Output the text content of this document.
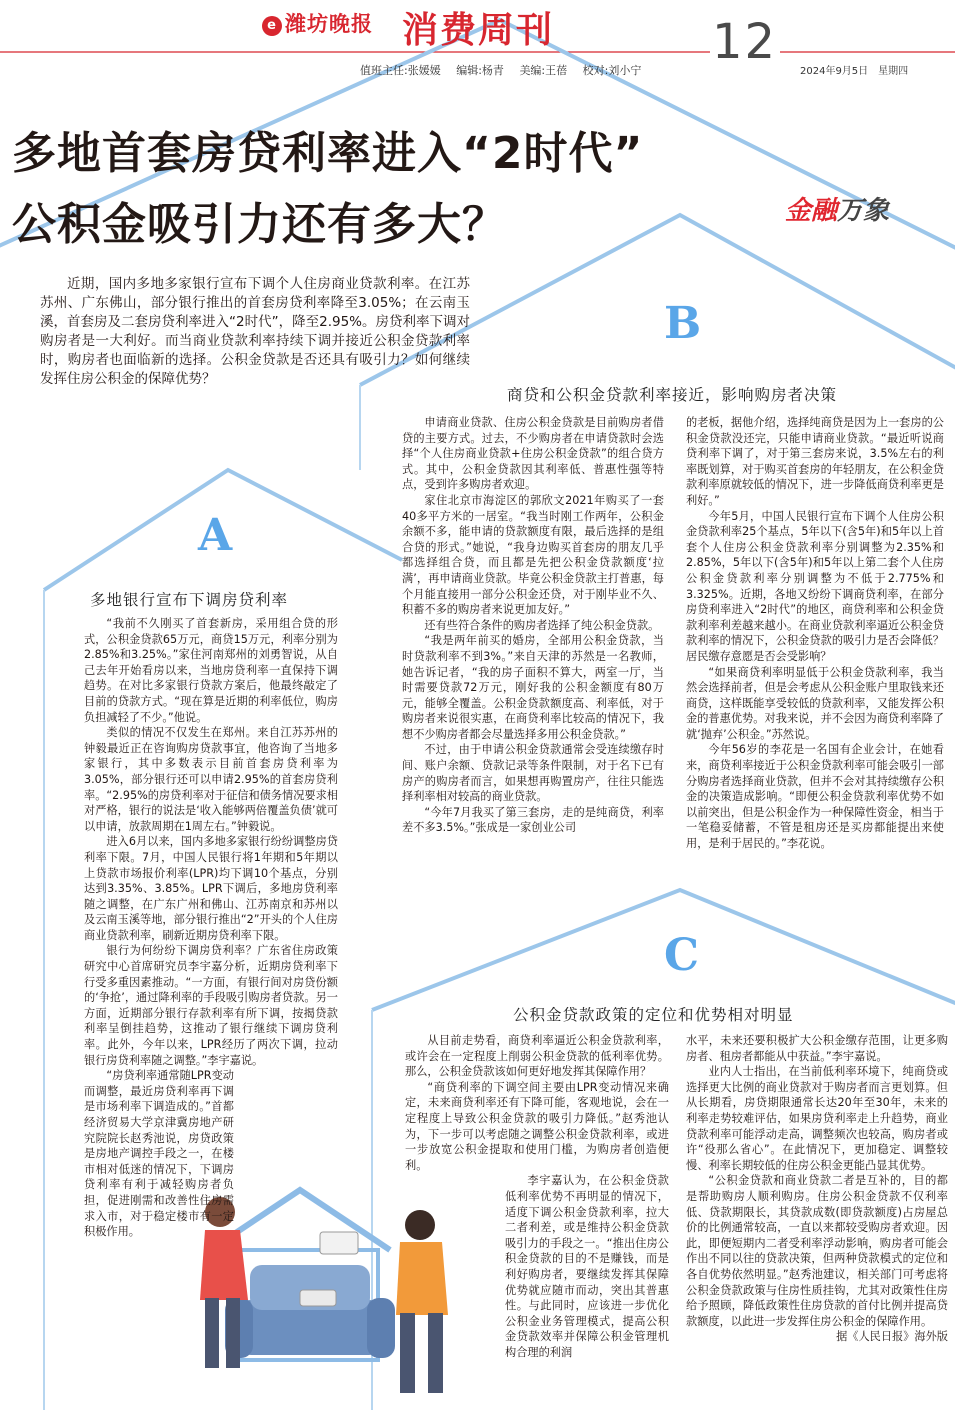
e 潍坊晚报 消费周刊	12
值班主任:张媛媛 编辑:杨青 美编:王蓓 校对:刘小宁	2024年9月5日　星期四
多地首套房贷利率进入“2时代”
公积金吸引力还有多大？	金融万象
近期，国内多地多家银行宣布下调个人住房商业贷款利率。在江苏苏州、广东佛山，部分银行推出的首套房贷利率降至3.05%；在云南玉溪，首套房及二套房贷利率进入“2时代”，降至2.95%。房贷利率下调对购房者是一大利好。而当商业贷款利率持续下调并接近公积金贷款利率时，购房者也面临新的选择。公积金贷款是否还具有吸引力？如何继续发挥住房公积金的保障优势？
B
商贷和公积金贷款利率接近，影响购房者决策
A
多地银行宣布下调房贷利率
C
公积金贷款政策的定位和优势相对明显

“我前不久刚买了首套新房，采用组合贷的形式，公积金贷款65万元，商贷15万元，利率分别为2.85%和3.25%。”家住河南郑州的刘勇智说，从自己去年开始看房以来，当地房贷利率一直保持下调趋势。在对比多家银行贷款方案后，他最终敲定了目前的贷款方式。“现在算是近期的利率低位，购房负担减轻了不少。”他说。

类似的情况不仅发生在郑州。来自江苏苏州的钟毅最近正在咨询购房贷款事宜，他咨询了当地多家银行，其中多数表示目前首套房贷利率为3.05%，部分银行还可以申请2.95%的首套房贷利率。“2.95%的房贷利率对于征信和债务情况要求相对严格，银行的说法是‘收入能够两倍覆盖负债’就可以申请，放款周期在1周左右。”钟毅说。

进入6月以来，国内多地多家银行纷纷调整房贷利率下限。7月，中国人民银行将1年期和5年期以上贷款市场报价利率(LPR)均下调10个基点，分别达到3.35%、3.85%。LPR下调后，多地房贷利率随之调整，在广东广州和佛山、江苏南京和苏州以及云南玉溪等地，部分银行推出“2”开头的个人住房商业贷款利率，刷新近期房贷利率下限。

银行为何纷纷下调房贷利率？广东省住房政策研究中心首席研究员李宇嘉分析，近期房贷利率下行受多重因素推动。“一方面，有银行间对房贷份额的‘争抢’，通过降利率的手段吸引购房者贷款。另一方面，近期部分银行存款利率有所下调，按揭贷款利率呈倒挂趋势，这推动了银行继续下调房贷利率。此外，今年以来，LPR经历了两次下调，拉动银行房贷利率随之调整。”李宇嘉说。

“房贷利率通常随LPR变动而调整，最近房贷利率再下调是市场利率下调造成的。”首都经济贸易大学京津冀房地产研究院院长赵秀池说，房贷政策是房地产调控手段之一，在楼市相对低迷的情况下，下调房贷利率有利于减轻购房者负担，促进刚需和改善性住房需求入市，对于稳定楼市有一定积极作用。

申请商业贷款、住房公积金贷款是目前购房者借贷的主要方式。过去，不少购房者在申请贷款时会选择“个人住房商业贷款+住房公积金贷款”的组合贷方式。其中，公积金贷款因其利率低、普惠性强等特点，受到许多购房者欢迎。

家住北京市海淀区的郭欣文2021年购买了一套40多平方米的一居室。“我当时刚工作两年，公积金余额不多，能申请的贷款额度有限，最后选择的是组合贷的形式。”她说，“我身边购买首套房的朋友几乎都选择组合贷，而且都是先把公积金贷款额度‘拉满’，再申请商业贷款。毕竟公积金贷款主打普惠，每个月能直接用一部分公积金还贷，对于刚毕业不久、积蓄不多的购房者来说更加友好。”

还有些符合条件的购房者选择了纯公积金贷款。

“我是两年前买的婚房，全部用公积金贷款，当时贷款利率不到3%。”来自天津的苏然是一名教师，她告诉记者，“我的房子面积不算大，两室一厅，当时需要贷款72万元，刚好我的公积金额度有80万元，能够全覆盖。公积金贷款额度高、利率低，对于购房者来说很实惠，在商贷利率比较高的情况下，我想不少购房者都会尽量选择多用公积金贷款。”

不过，由于申请公积金贷款通常会受连续缴存时间、账户余额、贷款记录等条件限制，对于名下已有房产的购房者而言，如果想再购置房产，往往只能选择利率相对较高的商业贷款。

“今年7月我买了第三套房，走的是纯商贷，利率差不多3.5%。”张成是一家创业公司

的老板，据他介绍，选择纯商贷是因为上一套房的公积金贷款没还完，只能申请商业贷款。“最近听说商贷利率下调了，对于第三套房来说，3.5%左右的利率既划算，对于购买首套房的年轻朋友，在公积金贷款利率原就较低的情况下，进一步降低商贷利率更是利好。”

今年5月，中国人民银行宣布下调个人住房公积金贷款利率25个基点，5年以下(含5年)和5年以上首套个人住房公积金贷款利率分别调整为2.35%和2.85%，5年以下(含5年)和5年以上第二套个人住房公积金贷款利率分别调整为不低于2.775%和3.325%。近期，各地又纷纷下调商贷利率，在部分房贷利率进入“2时代”的地区，商贷利率和公积金贷款利率利差越来越小。在商业贷款利率逼近公积金贷款利率的情况下，公积金贷款的吸引力是否会降低？居民缴存意愿是否会受影响？

“如果商贷利率明显低于公积金贷款利率，我当然会选择前者，但是会考虑从公积金账户里取钱来还商贷，这样既能享受较低的贷款利率，又能发挥公积金的普惠优势。对我来说，并不会因为商贷利率降了就‘抛弃’公积金。”苏然说。

今年56岁的李花是一名国有企业会计，在她看来，商贷利率接近于公积金贷款利率可能会吸引一部分购房者选择商业贷款，但并不会对其持续缴存公积金的决策造成影响。“即便公积金贷款利率优势不如以前突出，但是公积金作为一种保障性资金，相当于一笔稳妥储蓄，不管是租房还是买房都能提出来使用，是利于居民的。”李花说。

从目前走势看，商贷利率逼近公积金贷款利率，或许会在一定程度上削弱公积金贷款的低利率优势。那么，公积金贷款该如何更好地发挥其保障作用？

“商贷利率的下调空间主要由LPR变动情况来确定，未来商贷利率还有下降可能，客观地说，会在一定程度上导致公积金贷款的吸引力降低。”赵秀池认为，下一步可以考虑随之调整公积金贷款利率，或进一步放宽公积金提取和使用门槛，为购房者创造便利。

李宇嘉认为，在公积金贷款低利率优势不再明显的情况下，适度下调公积金贷款利率，拉大二者利差，或是维持公积金贷款吸引力的手段之一。“推出住房公积金贷款的目的不是赚钱，而是利好购房者，要继续发挥其保障优势就应随市而动，突出其普惠性。与此同时，应该进一步优化公积金业务管理模式，提高公积金贷款效率并保障公积金管理机构合理的利润

水平，未来还要积极扩大公积金缴存范围，让更多购房者、租房者都能从中获益。”李宇嘉说。

业内人士指出，在当前低利率环境下，纯商贷或选择更大比例的商业贷款对于购房者而言更划算。但从长期看，房贷期限通常长达20年至30年，未来的利率走势较难评估，如果房贷利率走上升趋势，商业贷款利率可能浮动走高，调整频次也较高，购房者或许“役那么省心”。在此情况下，更加稳定、调整较慢、利率长期较低的住房公积金更能凸显其优势。

“公积金贷款和商业贷款二者是互补的，目的都是帮助购房人顺利购房。住房公积金贷款不仅利率低、贷款期限长，其贷款成数(即贷款额度)占房屋总价的比例通常较高，一直以来都较受购房者欢迎。因此，即便短期内二者受利率浮动影响，购房者可能会作出不同以往的贷款决策，但两种贷款模式的定位和各自优势依然明显。”赵秀池建议，相关部门可考虑将公积金贷款政策与住房性质挂钩，尤其对政策性住房给予照顾，降低政策性住房贷款的首付比例并提高贷款额度，以此进一步发挥住房公积金的保障作用。

据《人民日报》海外版
